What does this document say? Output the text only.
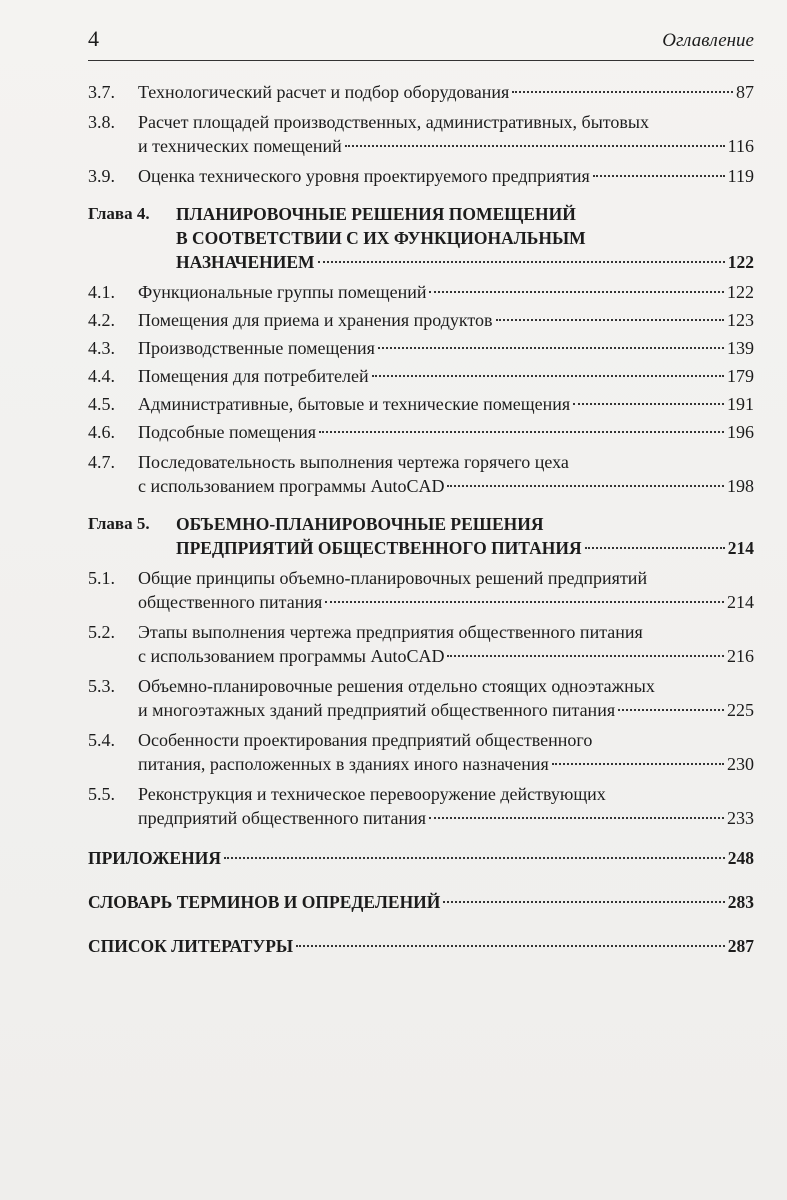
4	Оглавление
3.7. Технологический расчет и подбор оборудования	87
3.8. Расчет площадей производственных, административных, бытовых
и технических помещений	116
3.9. Оценка технического уровня проектируемого предприятия	119
Глава 4. ПЛАНИРОВОЧНЫЕ РЕШЕНИЯ ПОМЕЩЕНИЙ
В СООТВЕТСТВИИ С ИХ ФУНКЦИОНАЛЬНЫМ
НАЗНАЧЕНИЕМ	122
4.1. Функциональные группы помещений	122
4.2. Помещения для приема и хранения продуктов	123
4.3. Производственные помещения	139
4.4. Помещения для потребителей	179
4.5. Административные, бытовые и технические помещения	191
4.6. Подсобные помещения	196
4.7. Последовательность выполнения чертежа горячего цеха
с использованием программы AutoCAD	198
Глава 5. ОБЪЕМНО-ПЛАНИРОВОЧНЫЕ РЕШЕНИЯ
ПРЕДПРИЯТИЙ ОБЩЕСТВЕННОГО ПИТАНИЯ	214
5.1. Общие принципы объемно-планировочных решений предприятий
общественного питания	214
5.2. Этапы выполнения чертежа предприятия общественного питания
с использованием программы AutoCAD	216
5.3. Объемно-планировочные решения отдельно стоящих одноэтажных
и многоэтажных зданий предприятий общественного питания	225
5.4. Особенности проектирования предприятий общественного
питания, расположенных в зданиях иного назначения	230
5.5. Реконструкция и техническое перевооружение действующих
предприятий общественного питания	233
ПРИЛОЖЕНИЯ	248
СЛОВАРЬ ТЕРМИНОВ И ОПРЕДЕЛЕНИЙ	283
СПИСОК ЛИТЕРАТУРЫ	287
